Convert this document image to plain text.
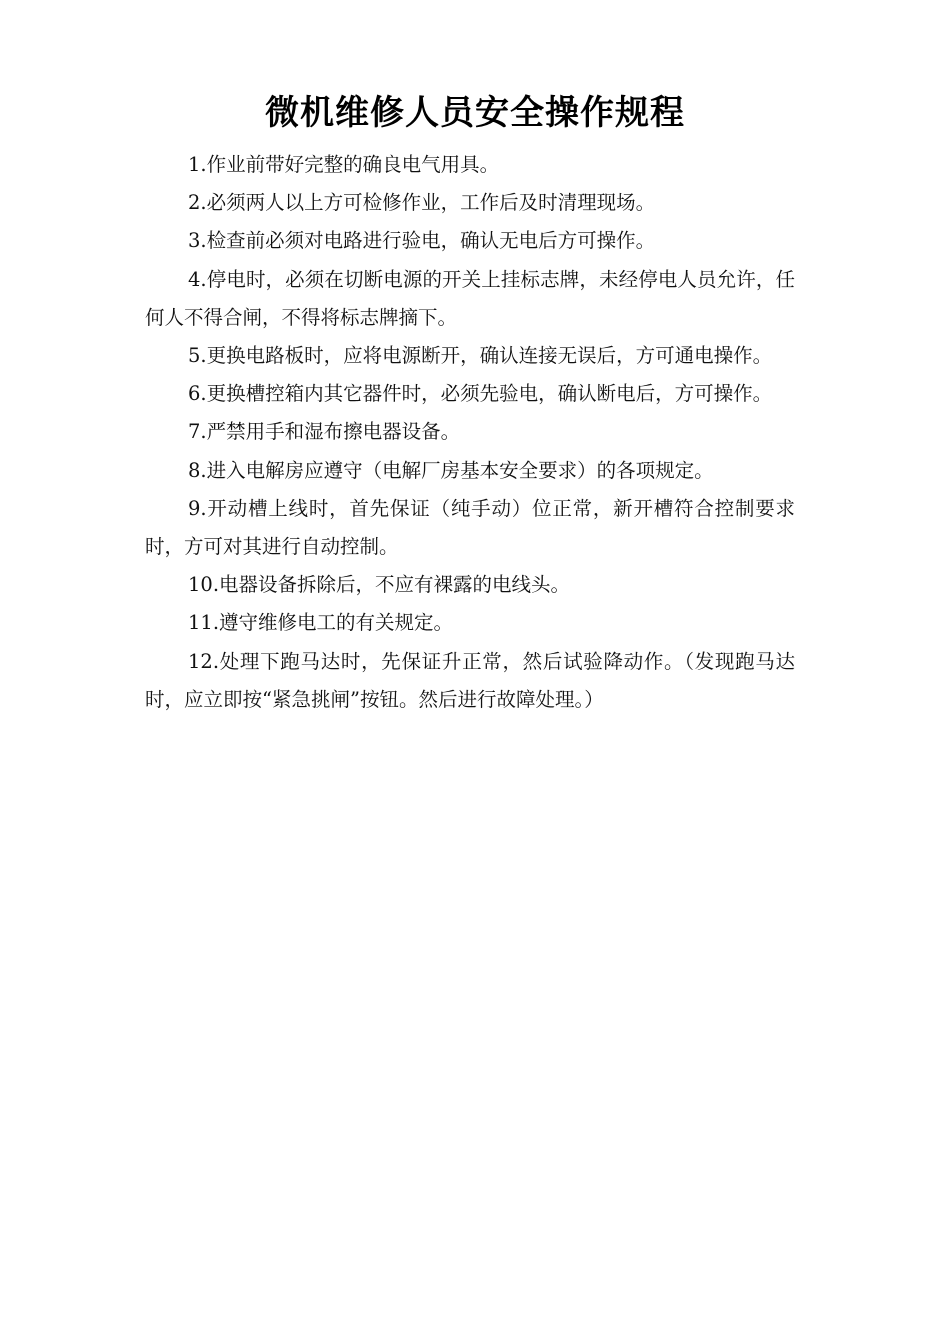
微机维修人员安全操作规程

1.作业前带好完整的确良电气用具。

2.必须两人以上方可检修作业，工作后及时清理现场。

3.检查前必须对电路进行验电，确认无电后方可操作。

4.停电时，必须在切断电源的开关上挂标志牌，未经停电人员允许，任何人不得合闸，不得将标志牌摘下。

5.更换电路板时，应将电源断开，确认连接无误后，方可通电操作。

6.更换槽控箱内其它器件时，必须先验电，确认断电后，方可操作。

7.严禁用手和湿布擦电器设备。

8.进入电解房应遵守（电解厂房基本安全要求）的各项规定。

9.开动槽上线时，首先保证（纯手动）位正常，新开槽符合控制要求时，方可对其进行自动控制。

10.电器设备拆除后，不应有裸露的电线头。

11.遵守维修电工的有关规定。

12.处理下跑马达时，先保证升正常，然后试验降动作。（发现跑马达时，应立即按“紧急挑闸”按钮。然后进行故障处理。）
